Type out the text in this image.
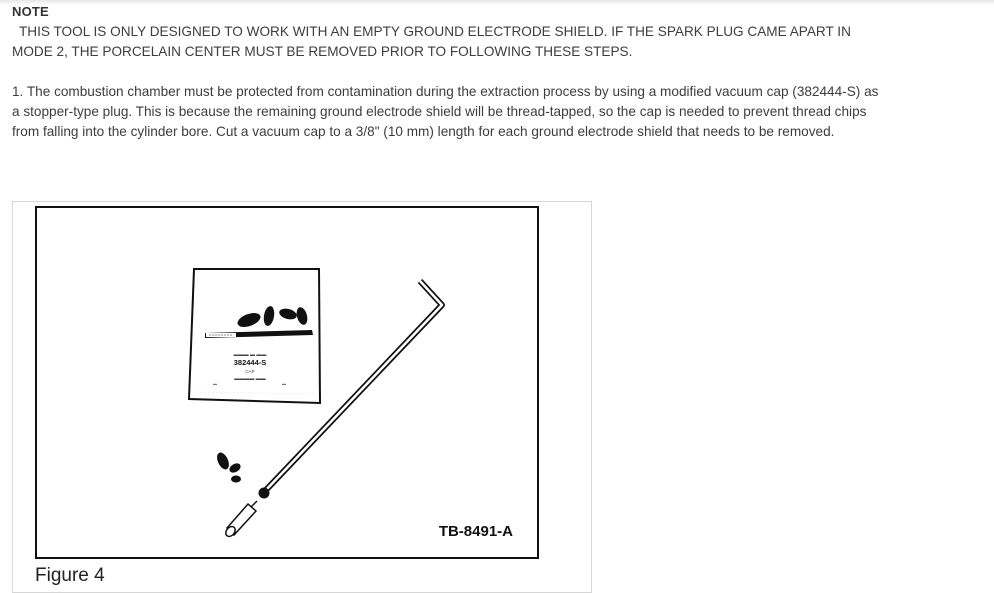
NOTE
THIS TOOL IS ONLY DESIGNED TO WORK WITH AN EMPTY GROUND ELECTRODE SHIELD. IF THE SPARK PLUG CAME APART IN MODE 2, THE PORCELAIN CENTER MUST BE REMOVED PRIOR TO FOLLOWING THESE STEPS.
1. The combustion chamber must be protected from contamination during the extraction process by using a modified vacuum cap (382444-S) as a stopper-type plug. This is because the remaining ground electrode shield will be thread-tapped, so the cap is needed to prevent thread chips from falling into the cylinder bore. Cut a vacuum cap to a 3/8" (10 mm) length for each ground electrode shield that needs to be removed.
▬▬▬ ▬ ▬▬
382444-S
CAP
▬▬▬▬ ▬▬
▬	▬
TB-8491-A
Figure 4
